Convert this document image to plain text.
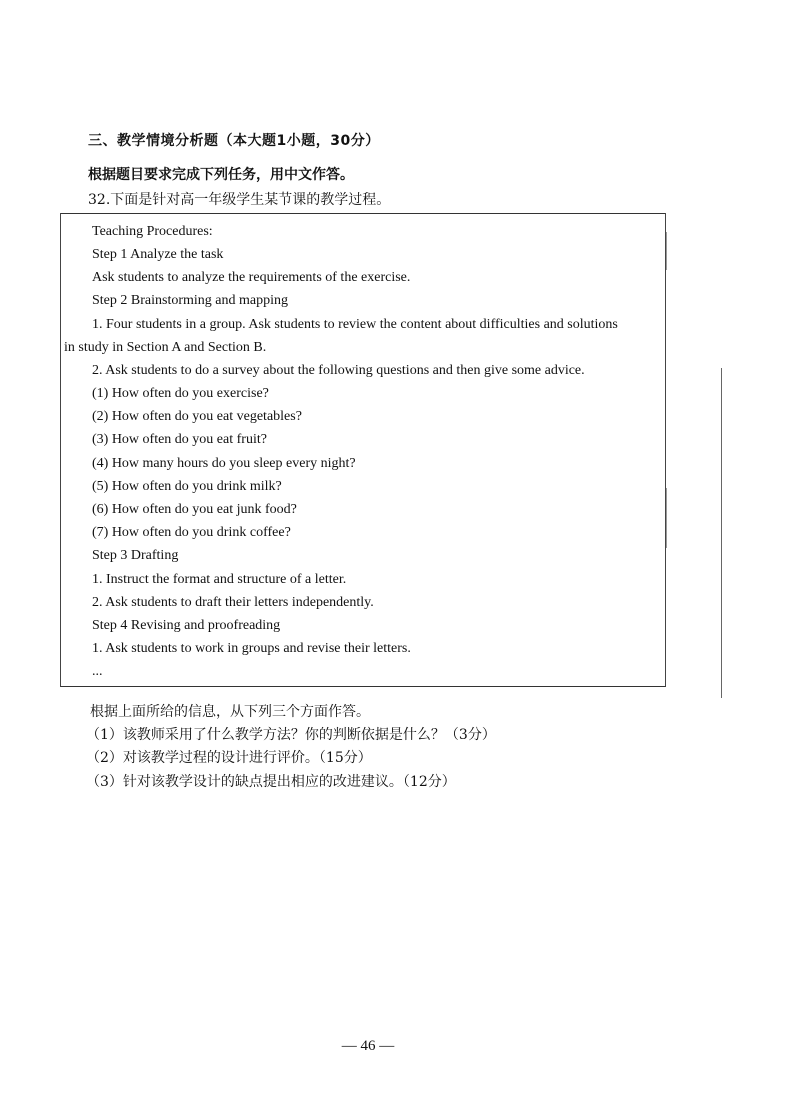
三、教学情境分析题（本大题1小题，30分）
根据题目要求完成下列任务，用中文作答。
32.下面是针对高一年级学生某节课的教学过程。
Teaching Procedures:
Step 1 Analyze the task
Ask students to analyze the requirements of the exercise.
Step 2 Brainstorming and mapping
1. Four students in a group. Ask students to review the content about difficulties and solutions
in study in Section A and Section B.
2. Ask students to do a survey about the following questions and then give some advice.
(1) How often do you exercise?
(2) How often do you eat vegetables?
(3) How often do you eat fruit?
(4) How many hours do you sleep every night?
(5) How often do you drink milk?
(6) How often do you eat junk food?
(7) How often do you drink coffee?
Step 3 Drafting
1. Instruct the format and structure of a letter.
2. Ask students to draft their letters independently.
Step 4 Revising and proofreading
1. Ask students to work in groups and revise their letters.
...
根据上面所给的信息，从下列三个方面作答。
（1）该教师采用了什么教学方法？你的判断依据是什么？（3分）
（2）对该教学过程的设计进行评价。（15分）
（3）针对该教学设计的缺点提出相应的改进建议。（12分）
— 46 —
